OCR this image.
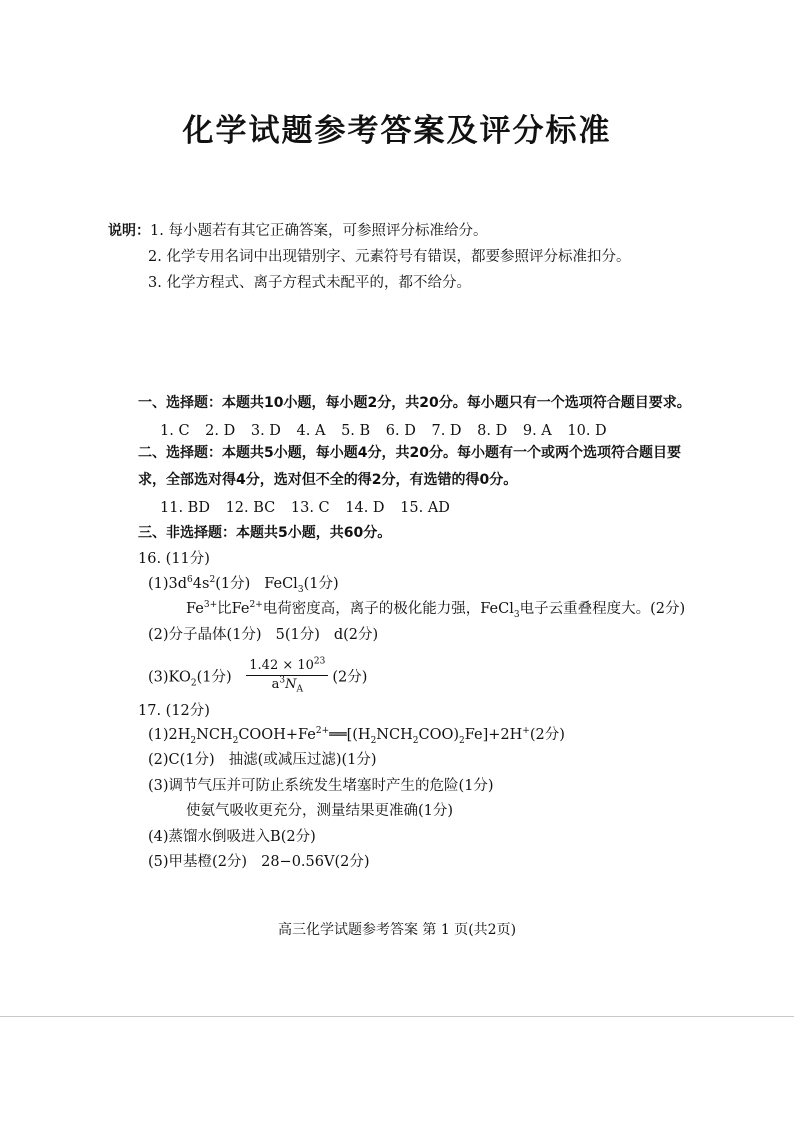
化学试题参考答案及评分标准
说明：1. 每小题若有其它正确答案，可参照评分标准给分。
2. 化学专用名词中出现错别字、元素符号有错误，都要参照评分标准扣分。
3. 化学方程式、离子方程式未配平的，都不给分。
一、选择题：本题共10小题，每小题2分，共20分。每小题只有一个选项符合题目要求。
1. C 2. D 3. D 4. A 5. B 6. D 7. D 8. D 9. A 10. D
二、选择题：本题共5小题，每小题4分，共20分。每小题有一个或两个选项符合题目要
求，全部选对得4分，选对但不全的得2分，有选错的得0分。
11. BD 12. BC 13. C 14. D 15. AD
三、非选择题：本题共5小题，共60分。
16. (11分)
$(1)3d^64s^2(1$分) FeCl$_3$(1分)
$Fe^{3+}$比$Fe^{2+}$电荷密度高，离子的极化能力强，FeCl$_3$电子云重叠程度大。(2分)
(2)分子晶体(1分) 5(1分) d(2分)
$(3)KO_2(1$分) $\frac{1.42 \times 10^{23}}{a^3N_A} (2$分)
17. (12分)
$(1)2H_2NCH_2COOH+Fe^{2+}══[(H_2NCH_2COO)_2Fe]+2H^+(2$分)
(2)C(1分) 抽滤(或减压过滤)(1分)
(3)调节气压并可防止系统发生堵塞时产生的危险(1分)
使氨气吸收更充分，测量结果更准确(1分)
(4)蒸馏水倒吸进入B(2分)
(5)甲基橙(2分) 28−0.56V(2分)
高三化学试题参考答案 第 1 页(共2页)
